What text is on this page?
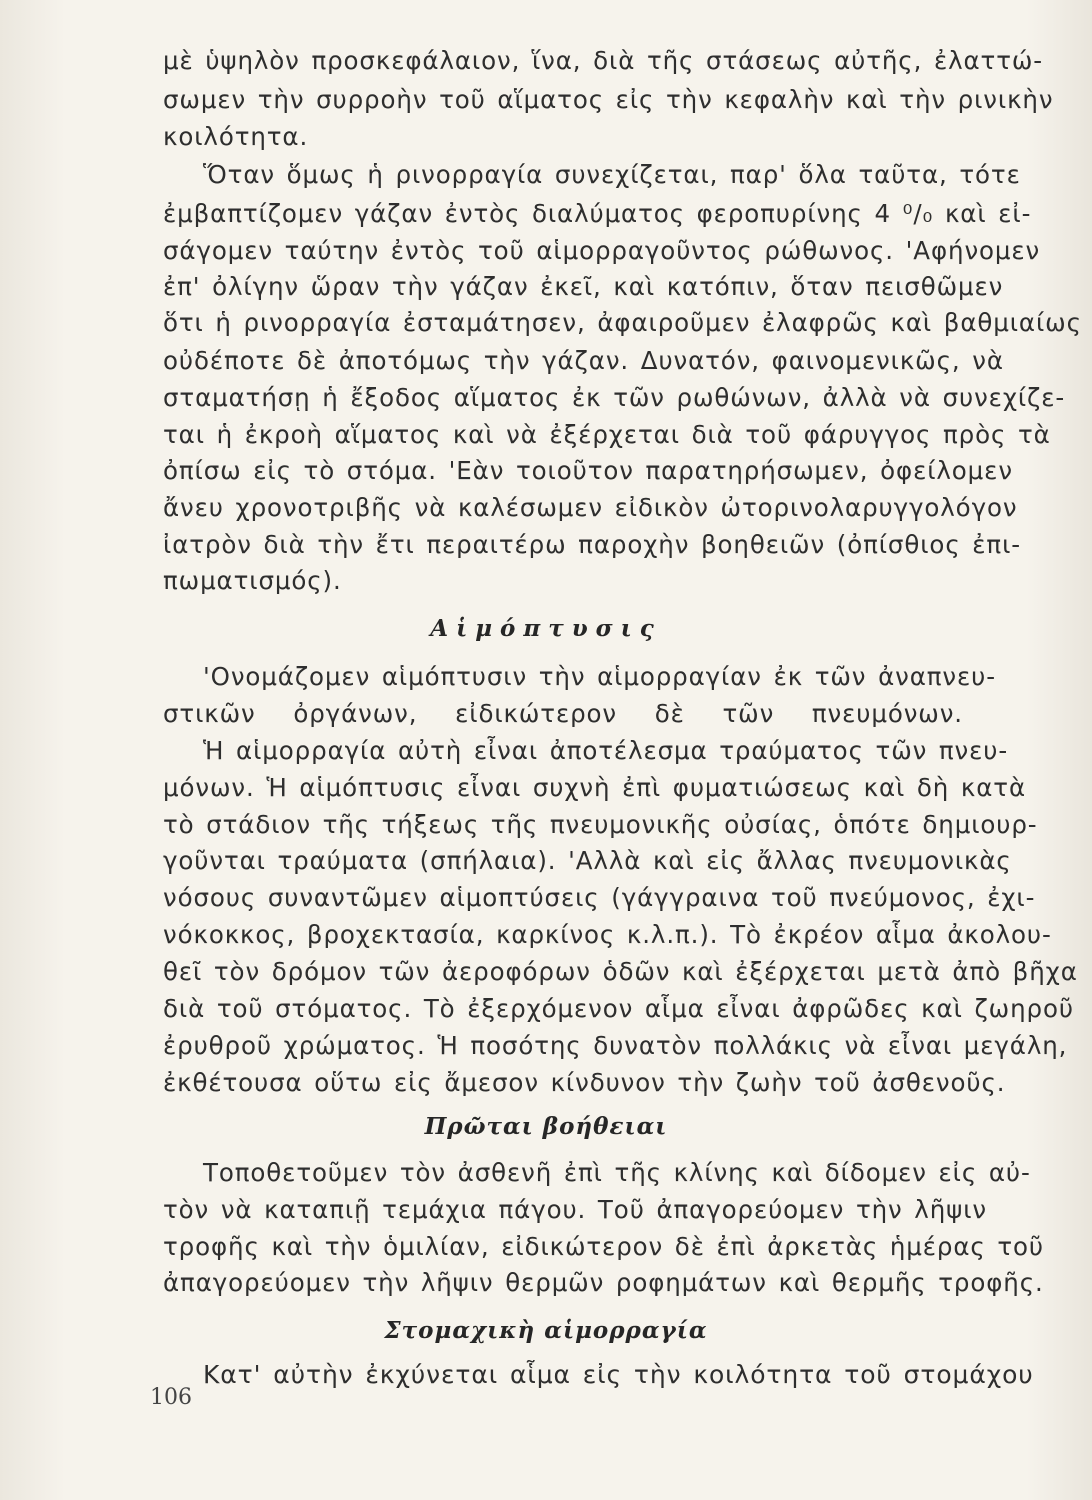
μὲ ὑψηλὸν προσκεφάλαιον, ἵνα, διὰ τῆς στάσεως αὐτῆς, ἐλαττώ-
σωμεν τὴν συρροὴν τοῦ αἵματος εἰς τὴν κεφαλὴν καὶ τὴν ρινικὴν
κοιλότητα.
Ὅταν ὅμως ἡ ρινορραγία συνεχίζεται, παρ' ὅλα ταῦτα, τότε
ἐμβαπτίζομεν γάζαν ἐντὸς διαλύματος φεροπυρίνης 4 ⁰/₀ καὶ εἰ-
σάγομεν ταύτην ἐντὸς τοῦ αἱμορραγοῦντος ρώθωνος. 'Αφήνομεν
ἐπ' ὀλίγην ὥραν τὴν γάζαν ἐκεῖ, καὶ κατόπιν, ὅταν πεισθῶμεν
ὅτι ἡ ρινορραγία ἐσταμάτησεν, ἀφαιροῦμεν ἐλαφρῶς καὶ βαθμιαίως
οὐδέποτε δὲ ἀποτόμως τὴν γάζαν. Δυνατόν, φαινομενικῶς, νὰ
σταματήσῃ ἡ ἔξοδος αἵματος ἐκ τῶν ρωθώνων, ἀλλὰ νὰ συνεχίζε-
ται ἡ ἐκροὴ αἵματος καὶ νὰ ἐξέρχεται διὰ τοῦ φάρυγγος πρὸς τὰ
ὀπίσω εἰς τὸ στόμα. 'Εὰν τοιοῦτον παρατηρήσωμεν, ὀφείλομεν
ἄνευ χρονοτριβῆς νὰ καλέσωμεν εἰδικὸν ὠτορινολαρυγγολόγον
ἰατρὸν διὰ τὴν ἔτι περαιτέρω παροχὴν βοηθειῶν (ὀπίσθιος ἐπι-
πωματισμός).
Αἱμόπτυσις
'Ονομάζομεν αἱμόπτυσιν τὴν αἱμορραγίαν ἐκ τῶν ἀναπνευ-
στικῶν ὀργάνων, εἰδικώτερον δὲ τῶν πνευμόνων.
Ἡ αἱμορραγία αὐτὴ εἶναι ἀποτέλεσμα τραύματος τῶν πνευ-
μόνων. Ἡ αἱμόπτυσις εἶναι συχνὴ ἐπὶ φυματιώσεως καὶ δὴ κατὰ
τὸ στάδιον τῆς τήξεως τῆς πνευμονικῆς οὐσίας, ὁπότε δημιουρ-
γοῦνται τραύματα (σπήλαια). 'Αλλὰ καὶ εἰς ἄλλας πνευμονικὰς
νόσους συναντῶμεν αἱμοπτύσεις (γάγγραινα τοῦ πνεύμονος, ἐχι-
νόκοκκος, βροχεκτασία, καρκίνος κ.λ.π.). Τὸ ἐκρέον αἷμα ἀκολου-
θεῖ τὸν δρόμον τῶν ἀεροφόρων ὁδῶν καὶ ἐξέρχεται μετὰ ἀπὸ βῆχα
διὰ τοῦ στόματος. Τὸ ἐξερχόμενον αἷμα εἶναι ἀφρῶδες καὶ ζωηροῦ
ἐρυθροῦ χρώματος. Ἡ ποσότης δυνατὸν πολλάκις νὰ εἶναι μεγάλη,
ἐκθέτουσα οὕτω εἰς ἄμεσον κίνδυνον τὴν ζωὴν τοῦ ἀσθενοῦς.
Πρῶται βοήθειαι
Τοποθετοῦμεν τὸν ἀσθενῆ ἐπὶ τῆς κλίνης καὶ δίδομεν εἰς αὐ-
τὸν νὰ καταπιῇ τεμάχια πάγου. Τοῦ ἀπαγορεύομεν τὴν λῆψιν
τροφῆς καὶ τὴν ὁμιλίαν, εἰδικώτερον δὲ ἐπὶ ἀρκετὰς ἡμέρας τοῦ
ἀπαγορεύομεν τὴν λῆψιν θερμῶν ροφημάτων καὶ θερμῆς τροφῆς.
Στομαχικὴ αἱμορραγία
Κατ' αὐτὴν ἐκχύνεται αἷμα εἰς τὴν κοιλότητα τοῦ στομάχου
106
